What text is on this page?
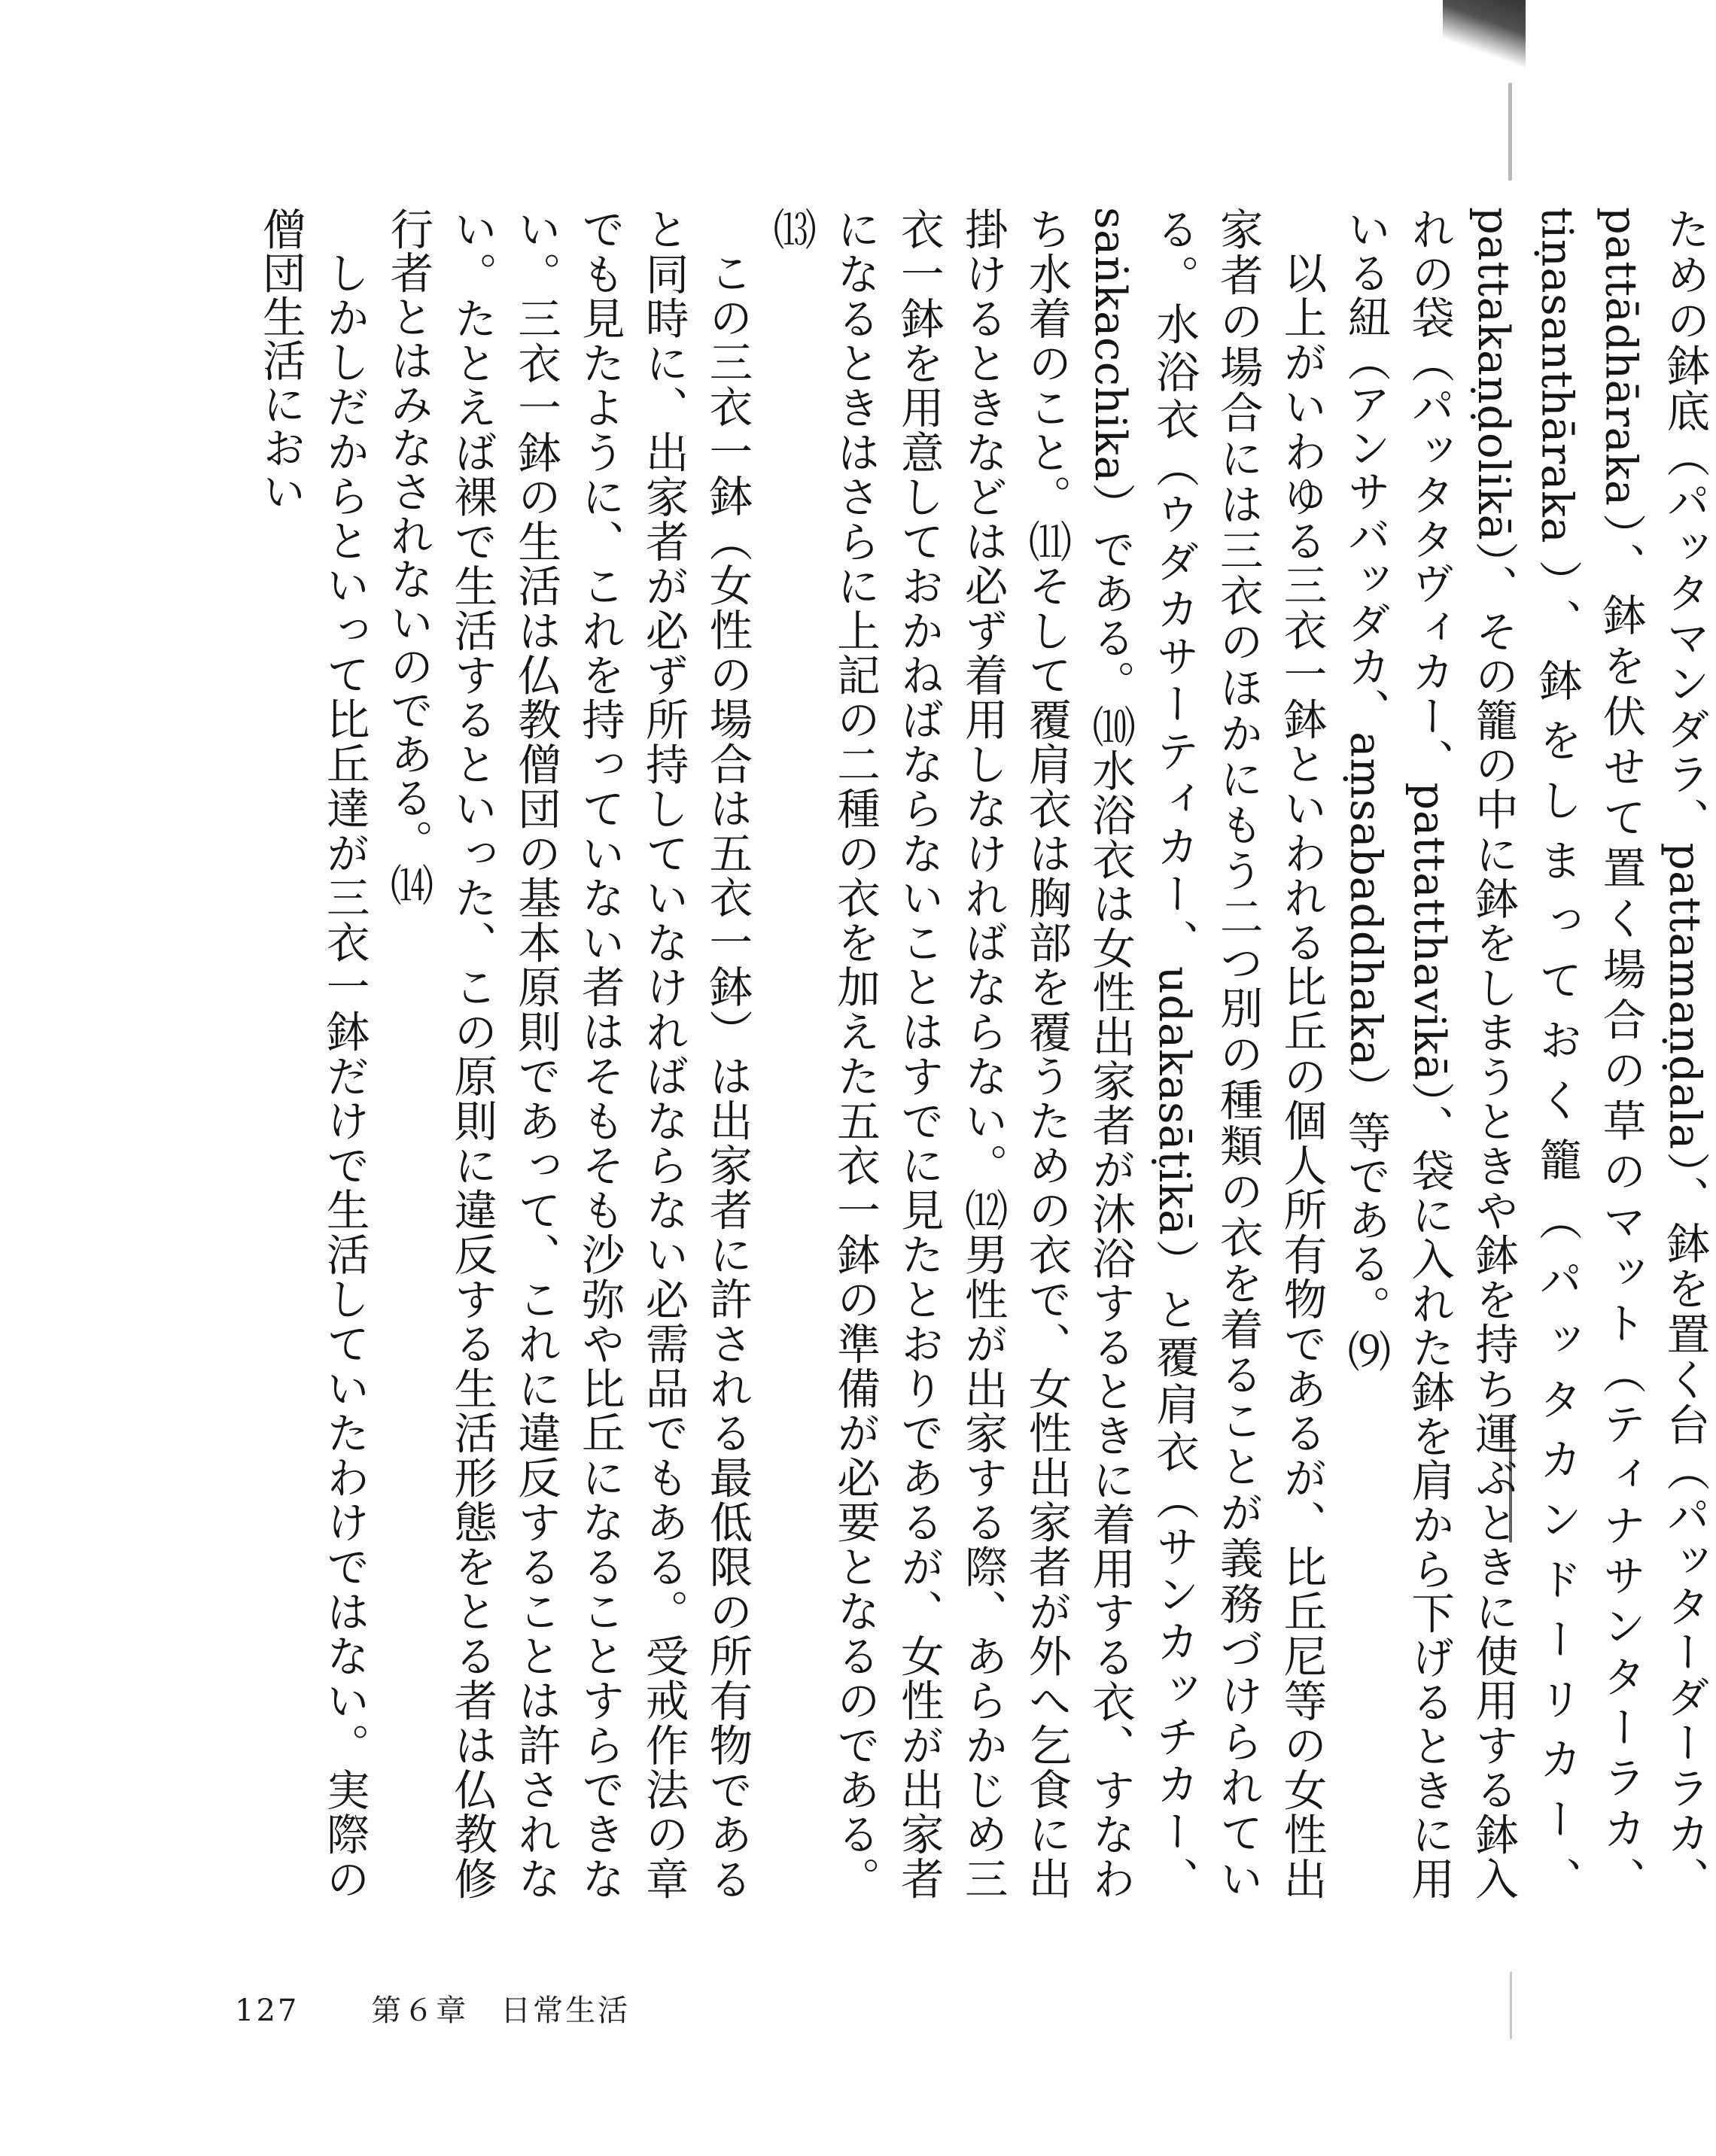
ための鉢底（パッタマンダラ、pattamaṇḍala）、鉢を置く台（パッターダーラカ、pattādhāraka）、鉢を伏せて置く場合の草のマット（ティナサンターラカ、tiṇasanthāraka）、鉢をしまっておく籠（パッタカンドーリカー、pattakaṇḍolikā）、その籠の中に鉢をしまうときや鉢を持ち運ぶときに使用する鉢入れの袋（パッタタヴィカー、pattatthavikā）、袋に入れた鉢を肩から下げるときに用いる紐（アンサバッダカ、aṃsabaddhaka）等である。⑼

以上がいわゆる三衣一鉢といわれる比丘の個人所有物であるが、比丘尼等の女性出家者の場合には三衣のほかにもう二つ別の種類の衣を着ることが義務づけられている。水浴衣（ウダカサーティカー、udakasāṭikā）と覆肩衣（サンカッチカー、saṅkacchika）である。⑽水浴衣は女性出家者が沐浴するときに着用する衣、すなわち水着のこと。⑾そして覆肩衣は胸部を覆うための衣で、女性出家者が外へ乞食に出掛けるときなどは必ず着用しなければならない。⑿男性が出家する際、あらかじめ三衣一鉢を用意しておかねばならないことはすでに見たとおりであるが、女性が出家者になるときはさらに上記の二種の衣を加えた五衣一鉢の準備が必要となるのである。⒀

この三衣一鉢（女性の場合は五衣一鉢）は出家者に許される最低限の所有物であると同時に、出家者が必ず所持していなければならない必需品でもある。受戒作法の章でも見たように、これを持っていない者はそもそも沙弥や比丘になることすらできない。三衣一鉢の生活は仏教僧団の基本原則であって、これに違反することは許されない。たとえば裸で生活するといった、この原則に違反する生活形態をとる者は仏教修行者とはみなされないのである。⒁

しかしだからといって比丘達が三衣一鉢だけで生活していたわけではない。実際の僧団生活におい

127 第６章　日常生活
